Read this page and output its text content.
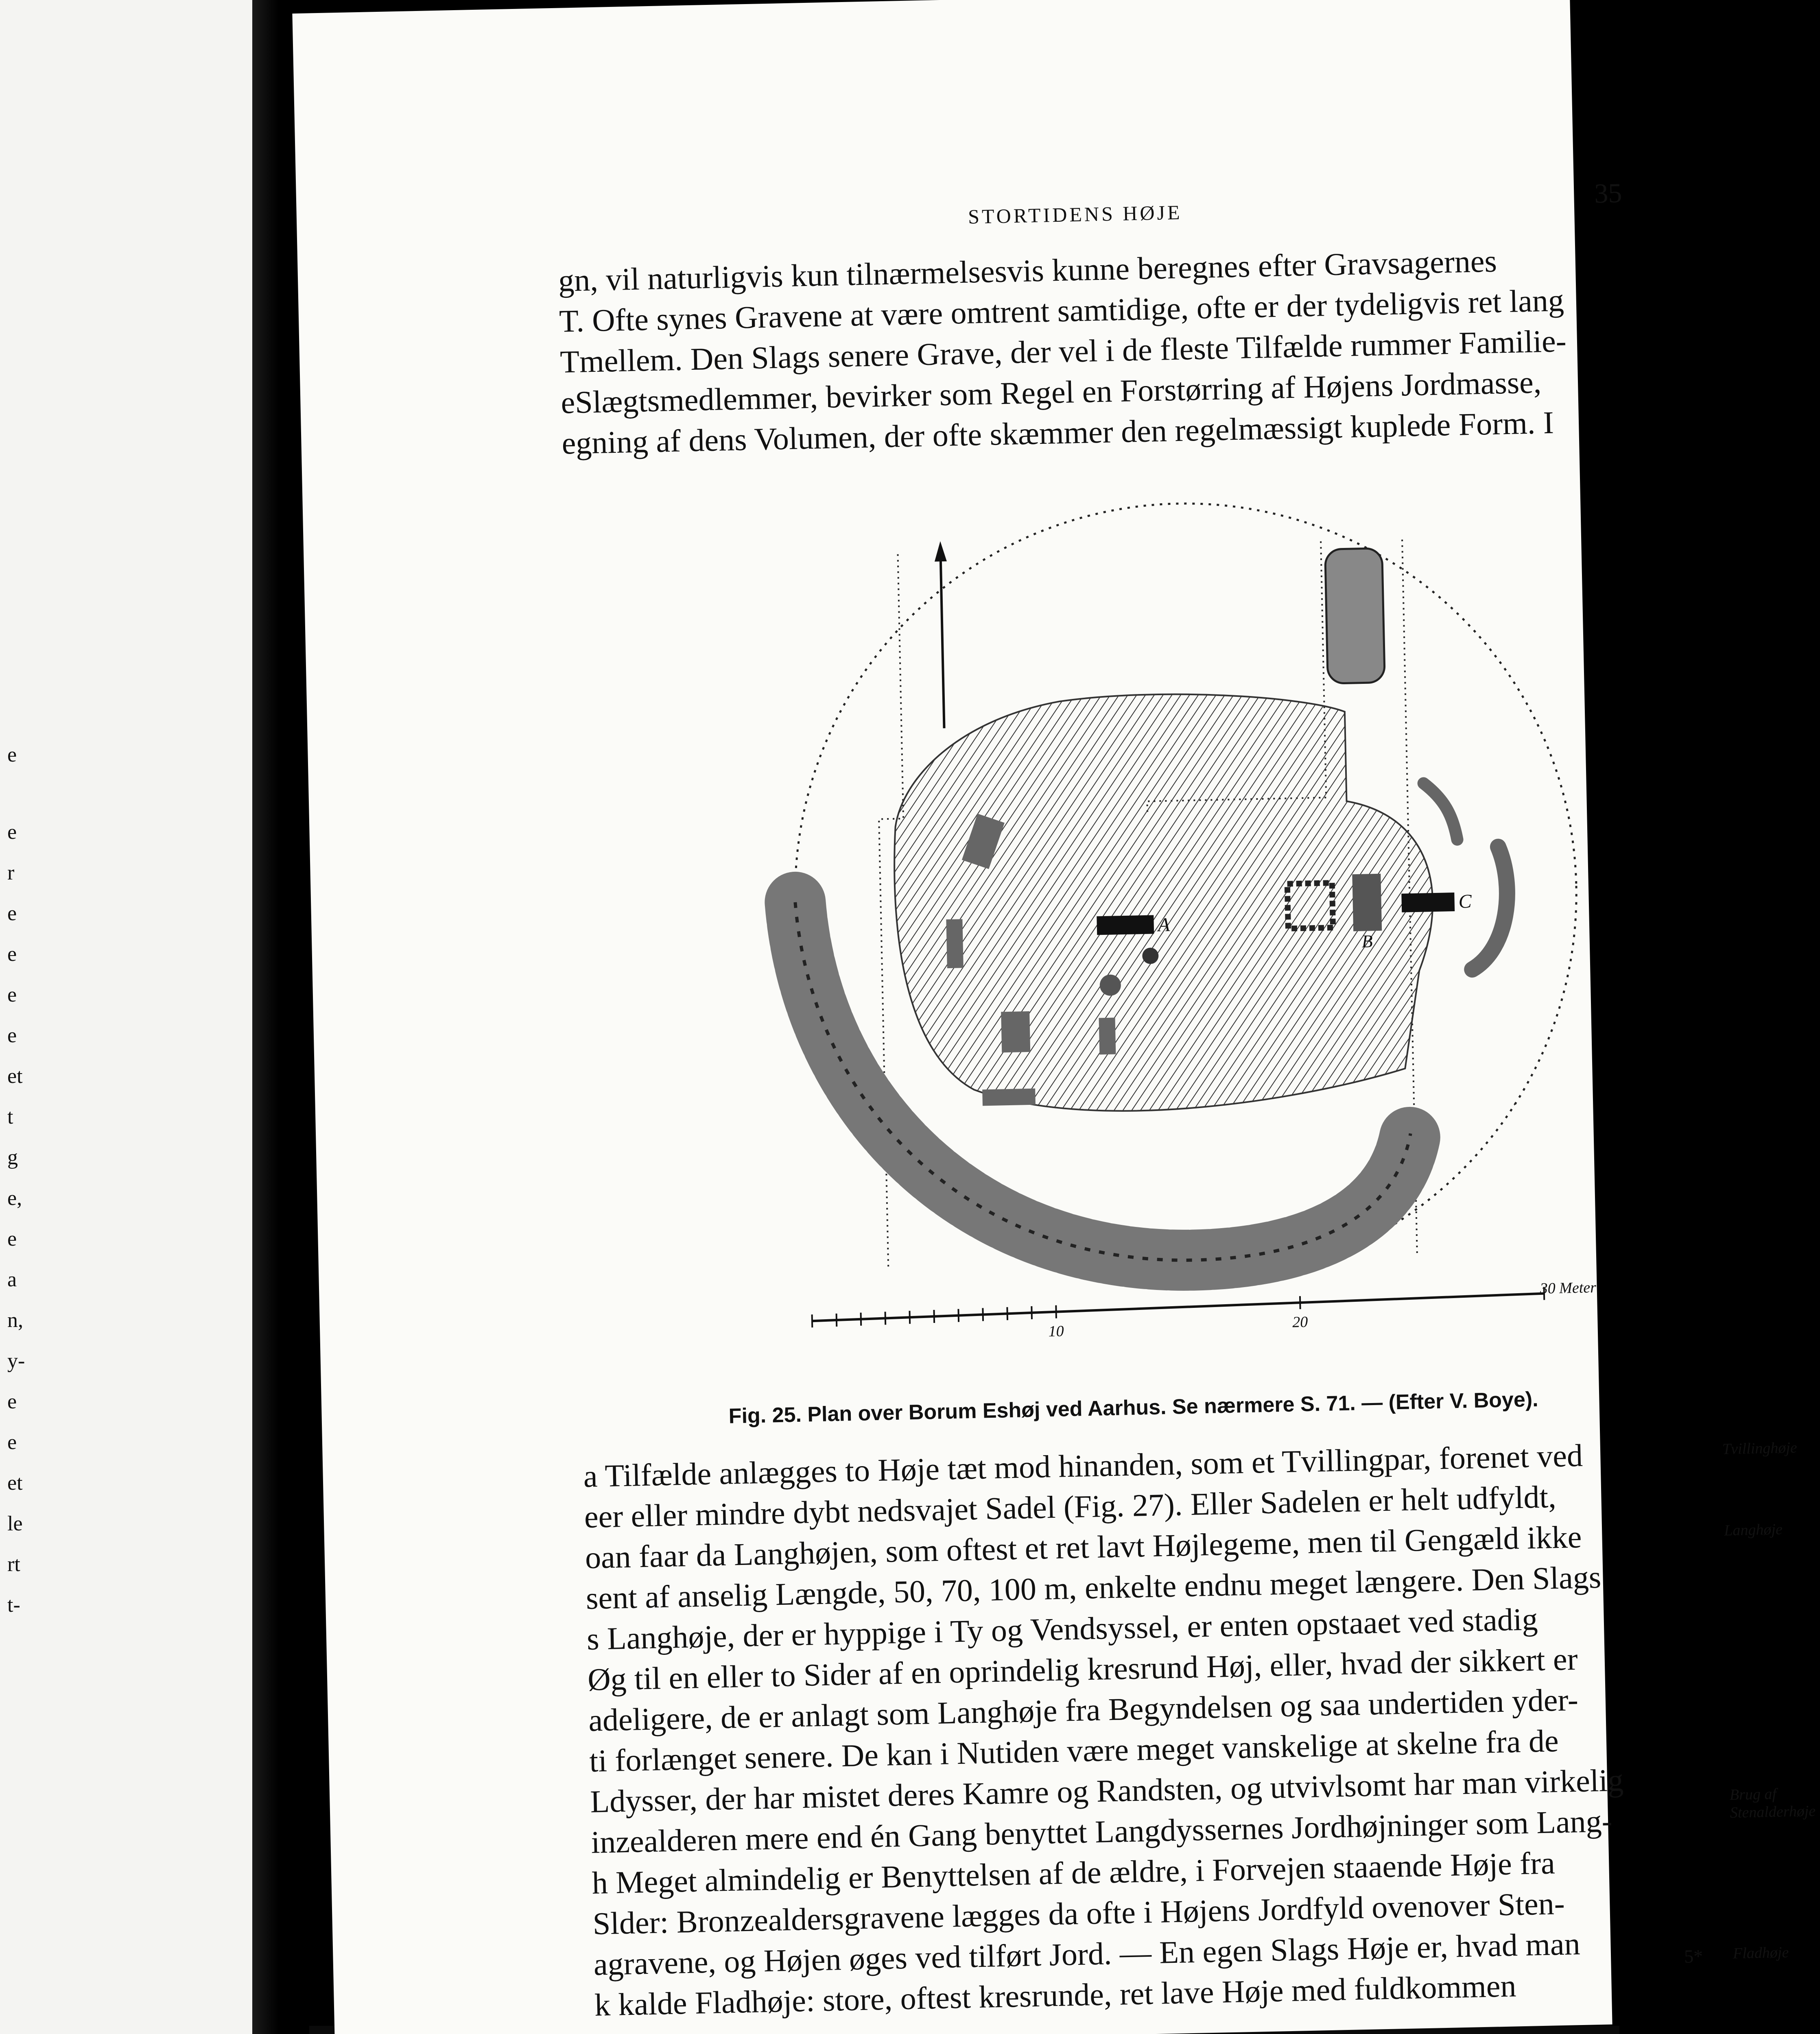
e
e
r
e
e
e
e
et
t
g
e,
e
a
n,
y-
e
e
et
le
rt
t-
STORTIDENS HØJE
35
gn, vil naturligvis kun tilnærmelsesvis kunne beregnes efter Gravsagernes
T. Ofte synes Gravene at være omtrent samtidige, ofte er der tydeligvis ret lang
Tmellem. Den Slags senere Grave, der vel i de fleste Tilfælde rummer Familie-
eSlægtsmedlemmer, bevirker som Regel en Forstørring af Højens Jordmasse,
egning af dens Volumen, der ofte skæmmer den regelmæssigt kuplede Form. I
A
C
B
10
20
30 Meter
Fig. 25. Plan over Borum Eshøj ved Aarhus. Se nærmere S. 71. — (Efter V. Boye).
a Tilfælde anlægges to Høje tæt mod hinanden, som et Tvillingpar, forenet ved
eer eller mindre dybt nedsvajet Sadel (Fig. 27). Eller Sadelen er helt udfyldt,
oan faar da Langhøjen, som oftest et ret lavt Højlegeme, men til Gengæld ikke
sent af anselig Længde, 50, 70, 100 m, enkelte endnu meget længere. Den Slags
s Langhøje, der er hyppige i Ty og Vendsyssel, er enten opstaaet ved stadig
Øg til en eller to Sider af en oprindelig kresrund Høj, eller, hvad der sikkert er
adeligere, de er anlagt som Langhøje fra Begyndelsen og saa undertiden yder-
ti forlænget senere. De kan i Nutiden være meget vanskelige at skelne fra de
Ldysser, der har mistet deres Kamre og Randsten, og utvivlsomt har man virkelig
inzealderen mere end én Gang benyttet Langdyssernes Jordhøjninger som Lang-
h Meget almindelig er Benyttelsen af de ældre, i Forvejen staaende Høje fra
Slder: Bronzealdersgravene lægges da ofte i Højens Jordfyld ovenover Sten-
agravene, og Højen øges ved tilført Jord. — En egen Slags Høje er, hvad man
k kalde Fladhøje: store, oftest kresrunde, ret lave Høje med fuldkommen
Tvillinghøje
Langhøje
Brug af
Stenalderhøje
Fladhøje
5*
